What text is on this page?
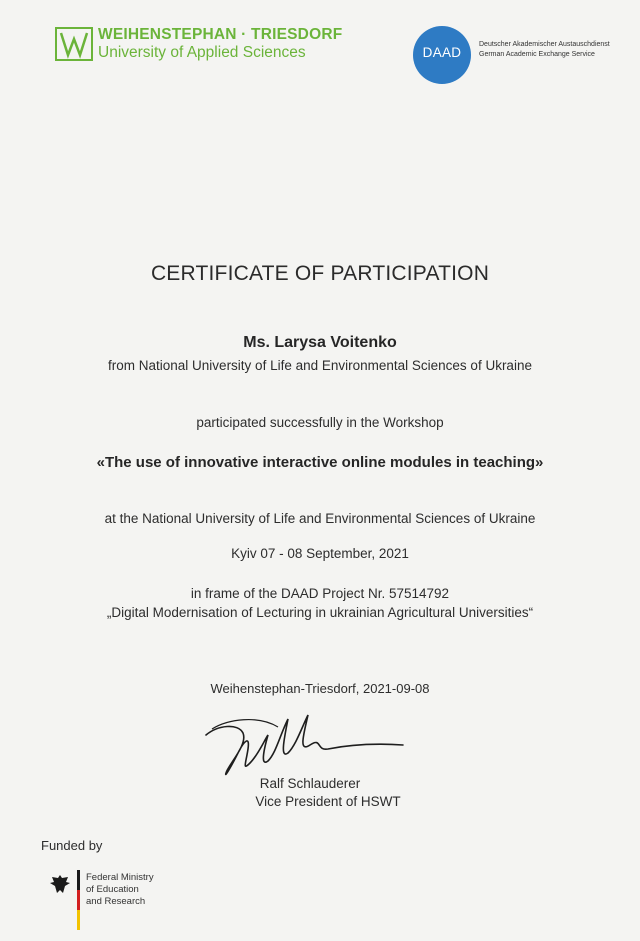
WEIHENSTEPHAN · TRIESDORF
University of Applied Sciences	DAAD
Deutscher Akademischer Austauschdienst
German Academic Exchange Service
CERTIFICATE OF PARTICIPATION
Ms. Larysa Voitenko
from National University of Life and Environmental Sciences of Ukraine
participated successfully in the Workshop
«The use of innovative interactive online modules in teaching»
at the National University of Life and Environmental Sciences of Ukraine
Kyiv 07 - 08 September, 2021
in frame of the DAAD Project Nr. 57514792
„Digital Modernisation of Lecturing in ukrainian Agricultural Universities“
Weihenstephan-Triesdorf, 2021-09-08
Ralf Schlauderer
Vice President of HSWT
Funded by
Federal Ministry
of Education
and Research
